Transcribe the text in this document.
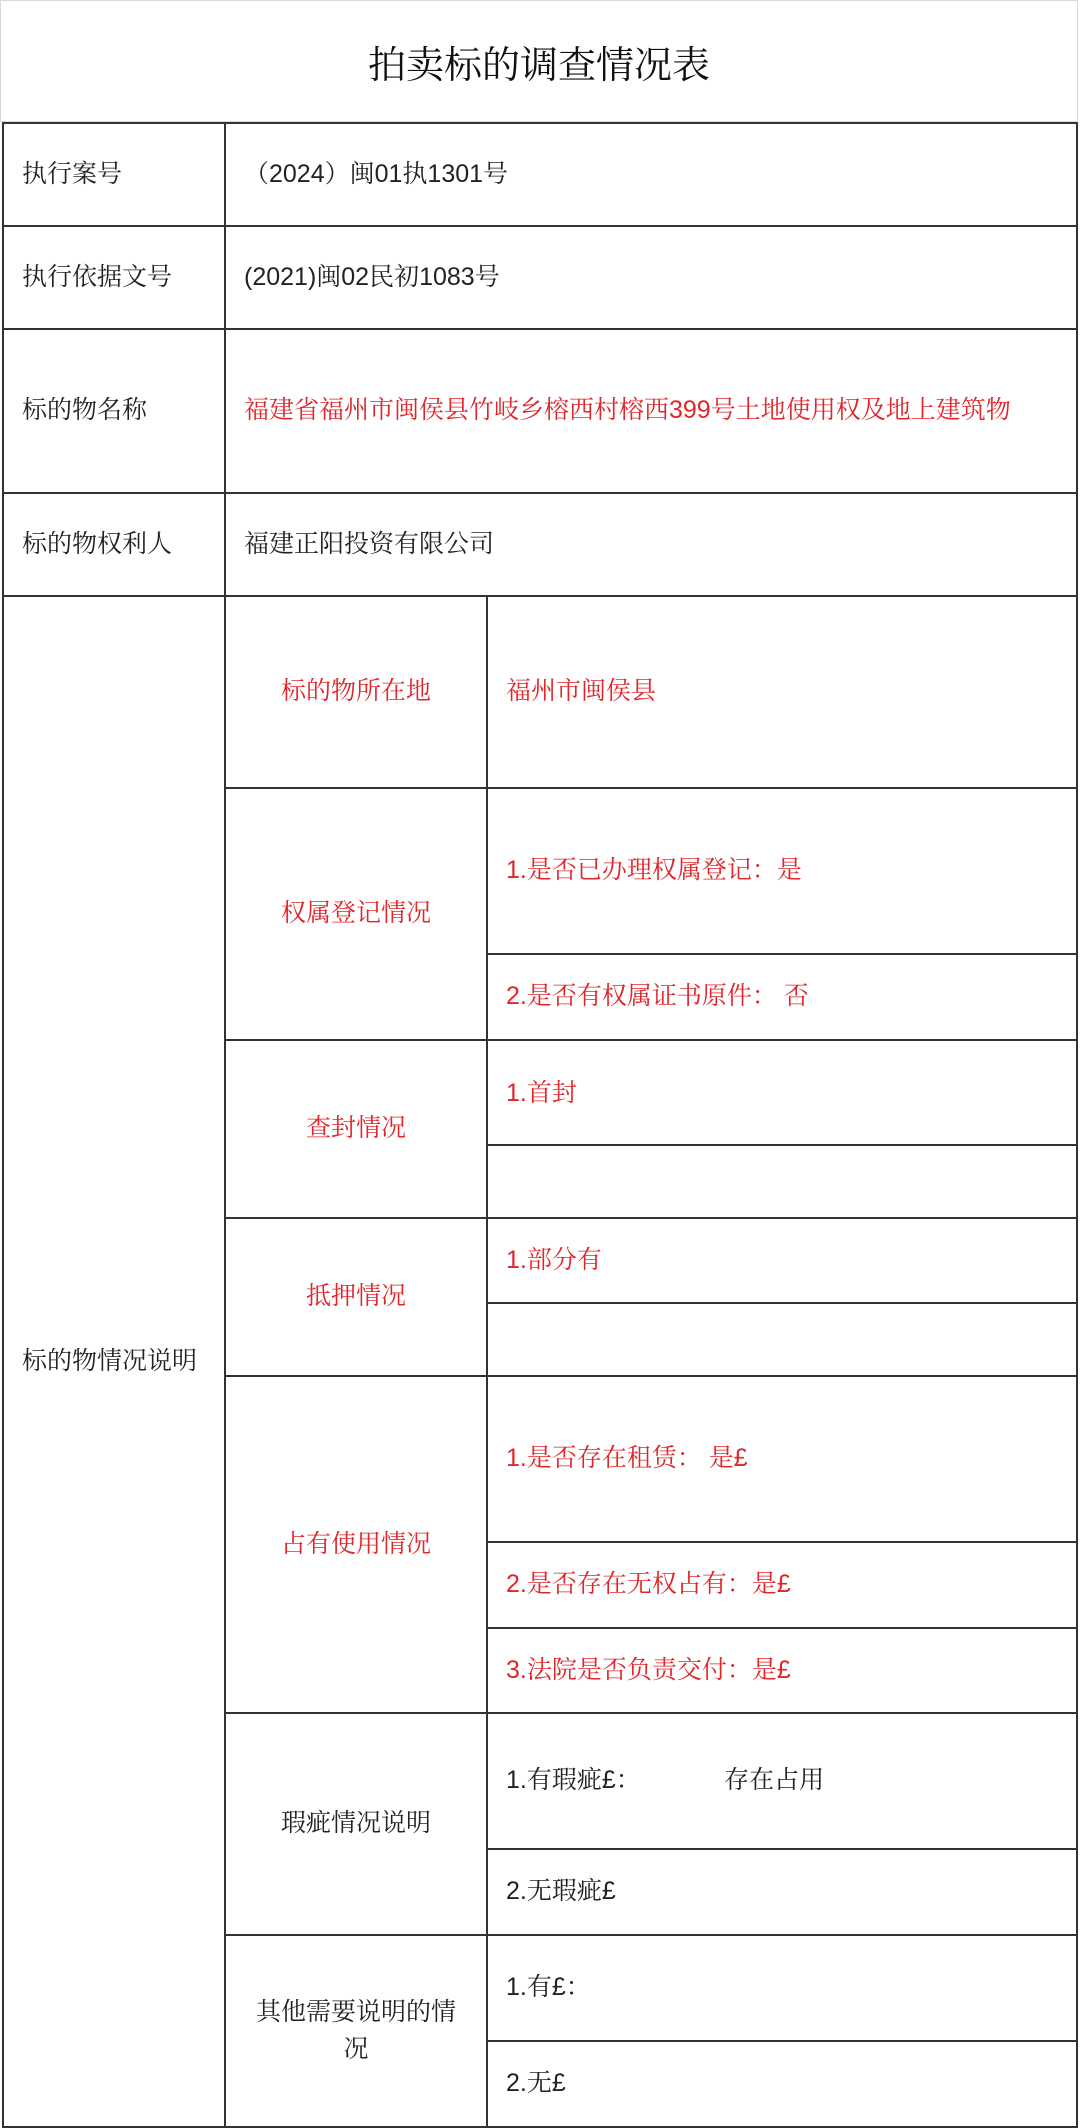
拍卖标的调查情况表
执行案号	（2024）闽01执1301号	
执行依据文号	(2021)闽02民初1083号	
标的物名称	福建省福州市闽侯县竹岐乡榕西村榕西399号土地使用权及地上建筑物	
标的物权利人	福建正阳投资有限公司	
标的物情况说明	标的物所在地	福州市闽侯县
	权属登记情况	1.是否已办理权属登记：是
		2.是否有权属证书原件： 否
	查封情况	1.首封

	抵押情况	1.部分有

	占有使用情况	1.是否存在租赁： 是£
		2.是否存在无权占有：是£
		3.法院是否负责交付：是£
	瑕疵情况说明	1.有瑕疵£：            存在占用
		2.无瑕疵£
	其他需要说明的情况	1.有£：
		2.无£
